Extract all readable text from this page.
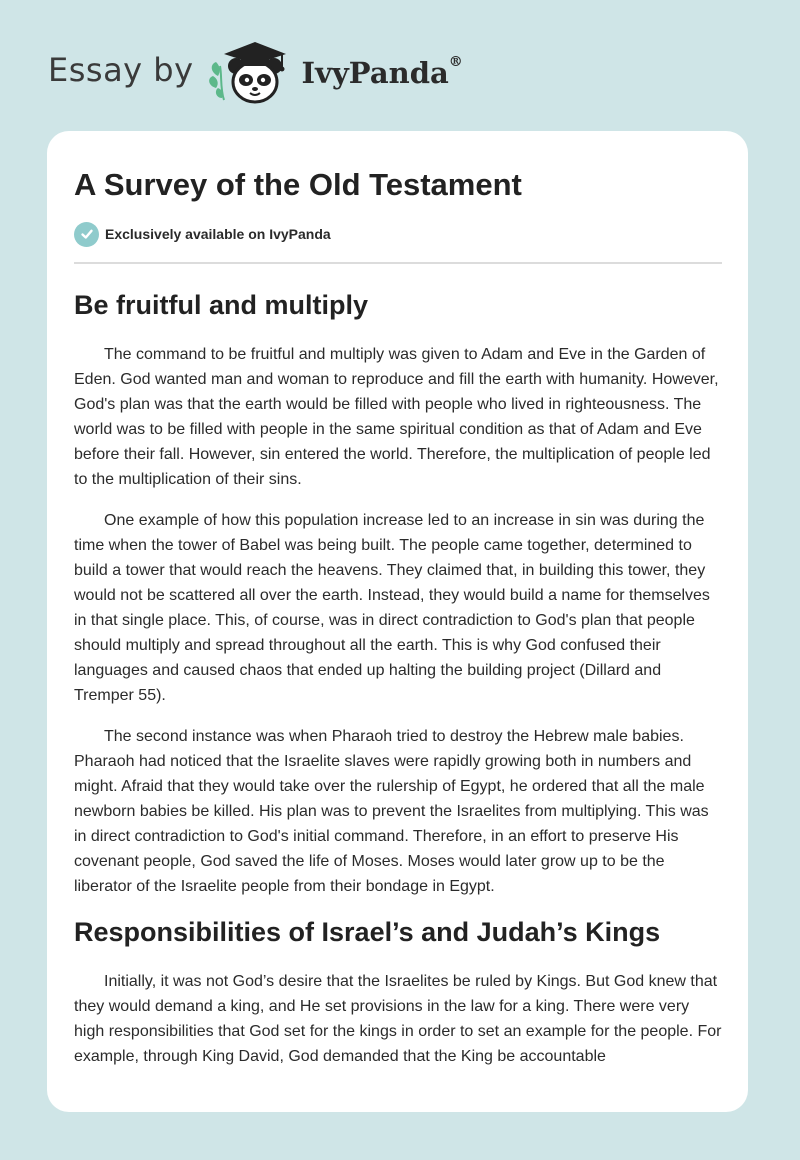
Essay by	IvyPanda®
A Survey of the Old Testament
Exclusively available on IvyPanda
Be fruitful and multiply

The command to be fruitful and multiply was given to Adam and Eve in the Garden of Eden. God wanted man and woman to reproduce and fill the earth with humanity. However, God's plan was that the earth would be filled with people who lived in righteousness. The world was to be filled with people in the same spiritual condition as that of Adam and Eve before their fall. However, sin entered the world. Therefore, the multiplication of people led to the multiplication of their sins.

One example of how this population increase led to an increase in sin was during the time when the tower of Babel was being built. The people came together, determined to build a tower that would reach the heavens. They claimed that, in building this tower, they would not be scattered all over the earth. Instead, they would build a name for themselves in that single place. This, of course, was in direct contradiction to God's plan that people should multiply and spread throughout all the earth. This is why God confused their languages and caused chaos that ended up halting the building project (Dillard and Tremper 55).

The second instance was when Pharaoh tried to destroy the Hebrew male babies. Pharaoh had noticed that the Israelite slaves were rapidly growing both in numbers and might. Afraid that they would take over the rulership of Egypt, he ordered that all the male newborn babies be killed. His plan was to prevent the Israelites from multiplying. This was in direct contradiction to God's initial command. Therefore, in an effort to preserve His covenant people, God saved the life of Moses. Moses would later grow up to be the liberator of the Israelite people from their bondage in Egypt.

Responsibilities of Israel’s and Judah’s Kings

Initially, it was not God’s desire that the Israelites be ruled by Kings. But God knew that they would demand a king, and He set provisions in the law for a king. There were very high responsibilities that God set for the kings in order to set an example for the people. For example, through King David, God demanded that the King be accountable
